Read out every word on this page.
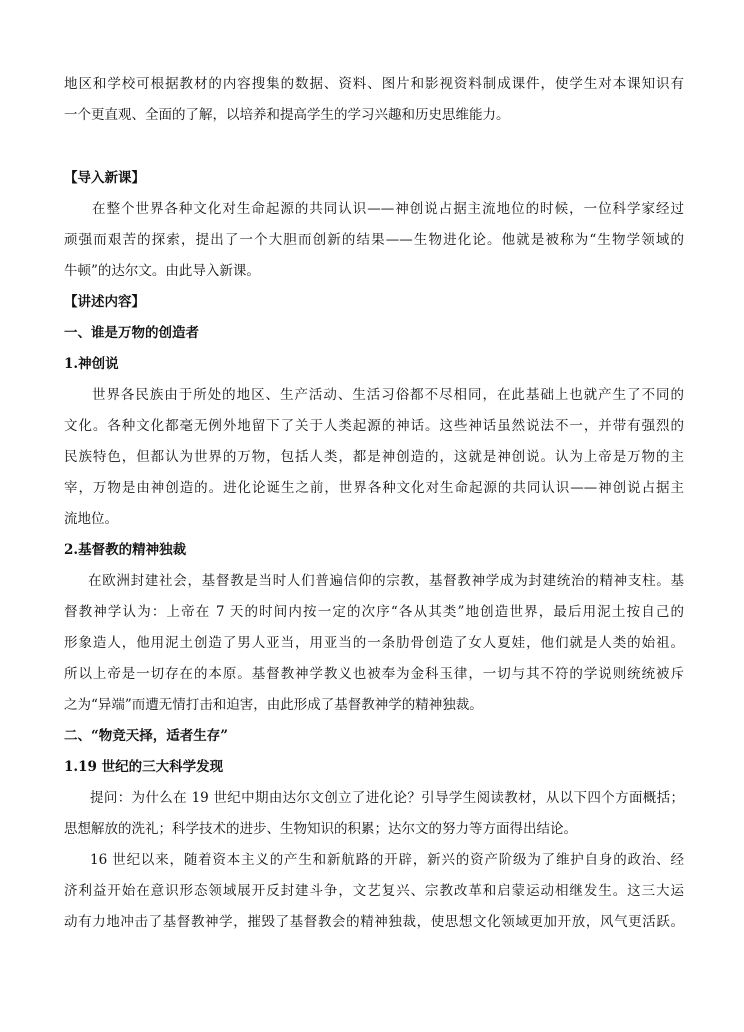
地区和学校可根据教材的内容搜集的数据、资料、图片和影视资料制成课件，使学生对本课知识有
一个更直观、全面的了解，以培养和提高学生的学习兴趣和历史思维能力。
【导入新课】
在整个世界各种文化对生命起源的共同认识——神创说占据主流地位的时候，一位科学家经过
顽强而艰苦的探索，提出了一个大胆而创新的结果——生物进化论。他就是被称为“生物学领域的
牛顿”的达尔文。由此导入新课。
【讲述内容】
一、谁是万物的创造者
1.神创说
世界各民族由于所处的地区、生产活动、生活习俗都不尽相同，在此基础上也就产生了不同的
文化。各种文化都毫无例外地留下了关于人类起源的神话。这些神话虽然说法不一，并带有强烈的
民族特色，但都认为世界的万物，包括人类，都是神创造的，这就是神创说。认为上帝是万物的主
宰，万物是由神创造的。进化论诞生之前，世界各种文化对生命起源的共同认识——神创说占据主
流地位。
2.基督教的精神独裁
在欧洲封建社会，基督教是当时人们普遍信仰的宗教，基督教神学成为封建统治的精神支柱。基
督教神学认为：上帝在 7 天的时间内按一定的次序“各从其类”地创造世界，最后用泥土按自己的
形象造人，他用泥土创造了男人亚当，用亚当的一条肋骨创造了女人夏娃，他们就是人类的始祖。
所以上帝是一切存在的本原。基督教神学教义也被奉为金科玉律，一切与其不符的学说则统统被斥
之为“异端”而遭无情打击和迫害，由此形成了基督教神学的精神独裁。
二、“物竞天择，适者生存”
1.19 世纪的三大科学发现
提问：为什么在 19 世纪中期由达尔文创立了进化论？引导学生阅读教材，从以下四个方面概括；
思想解放的洗礼；科学技术的进步、生物知识的积累；达尔文的努力等方面得出结论。
16 世纪以来，随着资本主义的产生和新航路的开辟，新兴的资产阶级为了维护自身的政治、经
济利益开始在意识形态领域展开反封建斗争，文艺复兴、宗教改革和启蒙运动相继发生。这三大运
动有力地冲击了基督教神学，摧毁了基督教会的精神独裁，使思想文化领域更加开放，风气更活跃。
